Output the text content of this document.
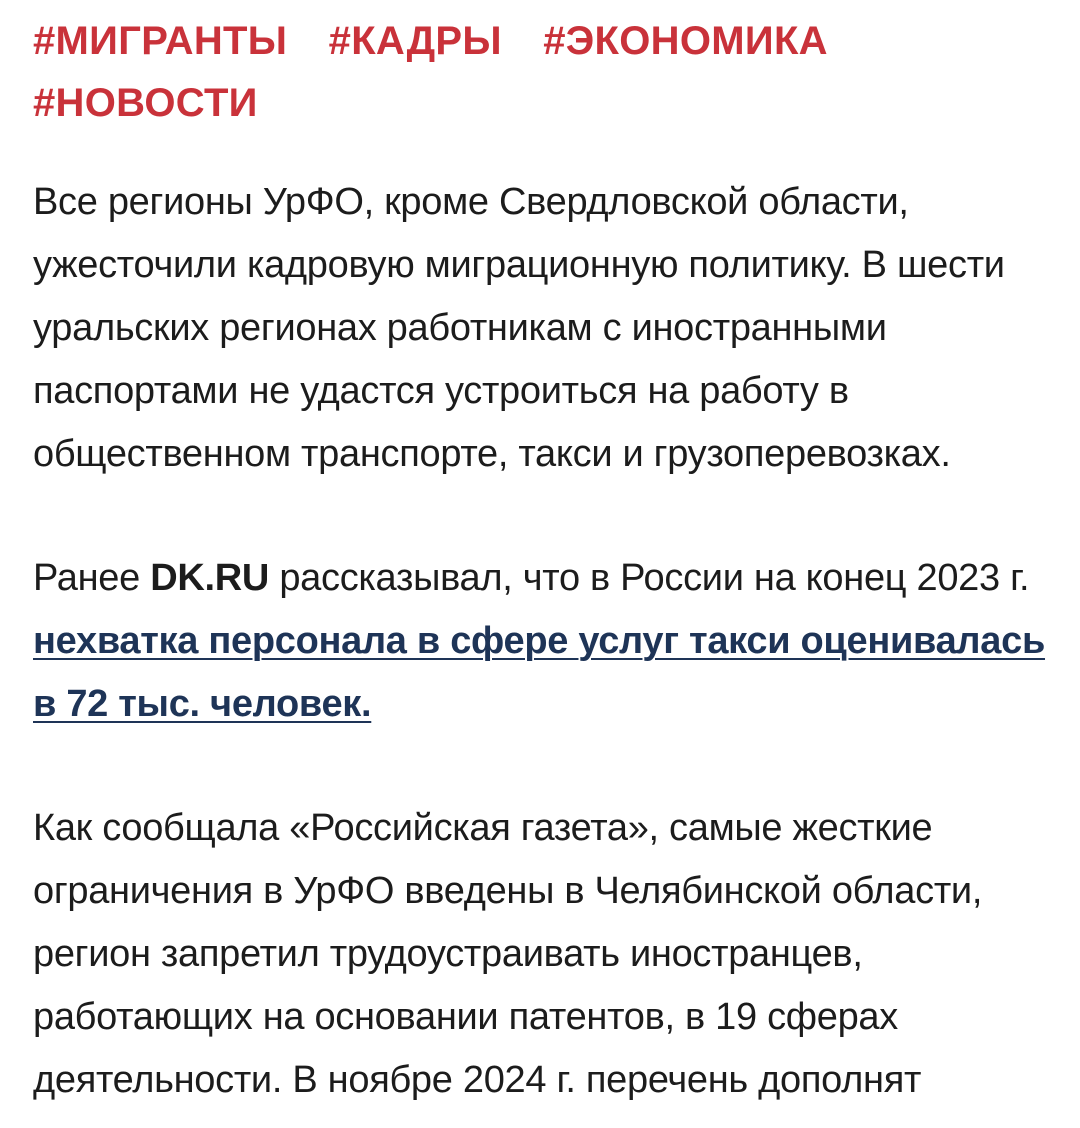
#МИГРАНТЫ #КАДРЫ #ЭКОНОМИКА #НОВОСТИ

Все регионы УрФО, кроме Свердловской области, ужесточили кадровую миграционную политику. В шести уральских регионах работникам с иностранными паспортами не удастся устроиться на работу в общественном транспорте, такси и грузоперевозках.

Ранее DK.RU рассказывал, что в России на конец 2023 г. нехватка персонала в сфере услуг такси оценивалась в 72 тыс. человек.

Как сообщала «Российская газета», самые жесткие ограничения в УрФО введены в Челябинской области, регион запретил трудоустраивать иностранцев, работающих на основании патентов, в 19 сферах деятельности. В ноябре 2024 г. перечень дополнят
